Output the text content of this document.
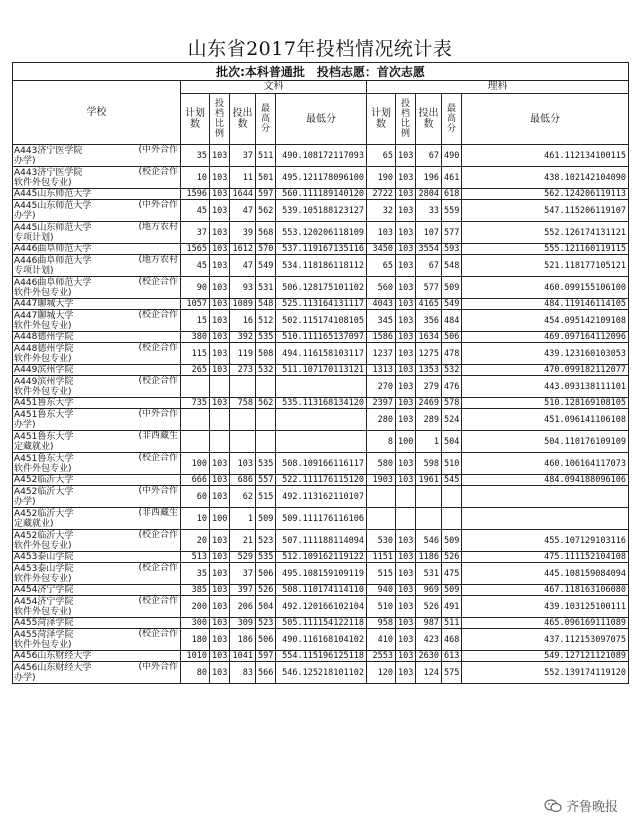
山东省2017年投档情况统计表
批次:本科普通批　投档志愿：首次志愿										
学校	文科					理科				
	计划数	投档比例	投出数	最高分	最低分	计划数	投档比例	投出数	最高分	最低分

A443济宁医学院 (中外合作
办学)	35	103	37	511	490.108172117093	65	103	67	490	461.112134100115

A443济宁医学院 (校企合作
软件外包专业)	10	103	11	501	495.121178096100	190	103	196	461	438.102142104090

A445山东师范大学	1596	103	1644	597	560.111189140120	2722	103	2804	618	562.124206119113

A445山东师范大学 (中外合作
办学)	45	103	47	562	539.105188123127	32	103	33	559	547.115206119107

A445山东师范大学 (地方农村
专项计划)	37	103	39	568	553.120206118109	103	103	107	577	552.126174131121

A446曲阜师范大学	1565	103	1612	570	537.119167135116	3450	103	3554	593	555.121160119115

A446曲阜师范大学 (地方农村
专项计划)	45	103	47	549	534.118186118112	65	103	67	548	521.118177105121

A446曲阜师范大学 (校企合作
软件外包专业)	90	103	93	531	506.128175101102	560	103	577	509	460.099155106100

A447聊城大学	1057	103	1089	548	525.113164131117	4043	103	4165	549	484.119146114105

A447聊城大学 (校企合作
软件外包专业)	15	103	16	512	502.115174108105	345	103	356	484	454.095142109108

A448德州学院	380	103	392	535	510.111165137097	1586	103	1634	506	469.097164112096

A448德州学院 (校企合作
软件外包专业)	115	103	119	508	494.116158103117	1237	103	1275	478	439.123160103053

A449滨州学院	265	103	273	532	511.107170113121	1313	103	1353	532	470.099182112077

A449滨州学院 (校企合作
软件外包专业)						270	103	279	476	443.093138111101

A451鲁东大学	735	103	758	562	535.113168134120	2397	103	2469	578	510.128169108105

A451鲁东大学 (中外合作
办学)						280	103	289	524	451.096141106108

A451鲁东大学 (非西藏生
定藏就业)						8	100	1	504	504.110176109109

A451鲁东大学 (校企合作
软件外包专业)	100	103	103	535	508.109166116117	580	103	598	510	460.106164117073

A452临沂大学	666	103	686	557	522.111176115120	1903	103	1961	545	484.094188096106

A452临沂大学 (中外合作
办学)	60	103	62	515	492.113162110107					

A452临沂大学 (非西藏生
定藏就业)	10	100	1	509	509.111176116106					

A452临沂大学 (校企合作
软件外包专业)	20	103	21	523	507.111188114094	530	103	546	509	455.107129103116

A453泰山学院	513	103	529	535	512.109162119122	1151	103	1186	526	475.111152104108

A453泰山学院 (校企合作
软件外包专业)	35	103	37	506	495.108159109119	515	103	531	475	445.108159084094

A454济宁学院	385	103	397	526	508.110174114110	940	103	969	509	467.118163106080

A454济宁学院 (校企合作
软件外包专业)	200	103	206	504	492.120166102104	510	103	526	491	439.103125100111

A455菏泽学院	300	103	309	523	505.111154122118	958	103	987	511	465.096169111089

A455菏泽学院 (校企合作
软件外包专业)	180	103	186	506	490.116168104102	410	103	423	468	437.112153097075

A456山东财经大学	1010	103	1041	597	554.115196125118	2553	103	2630	613	549.127121121089

A456山东财经大学 (中外合作
办学)	80	103	83	566	546.125218101102	120	103	124	575	552.139174119120
齐鲁晚报
